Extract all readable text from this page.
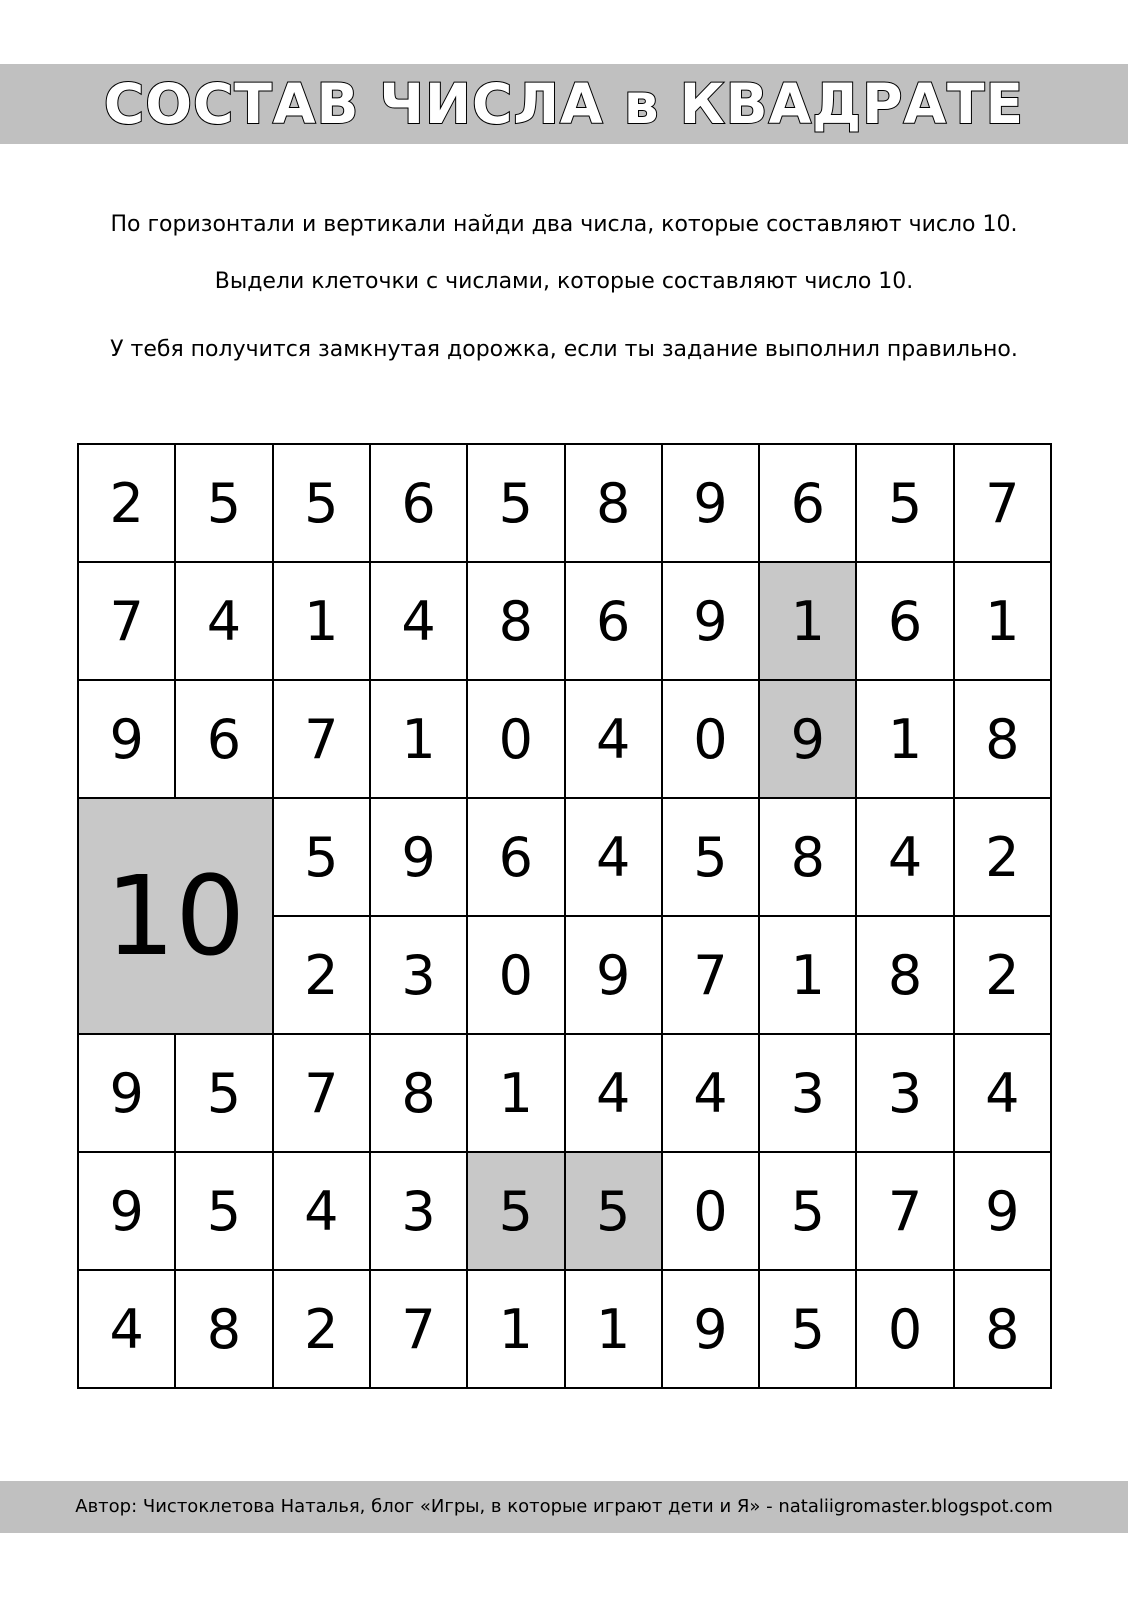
СОСТАВ ЧИСЛА в КВАДРАТЕ
По горизонтали и вертикали найди два числа, которые составляют число 10.
Выдели клеточки с числами, которые составляют число 10.
У тебя получится замкнутая дорожка, если ты задание выполнил правильно.
10
2	5	5	6	5	8	9	6	5	7
7	4	1	4	8	6	9	1	6	1
9	6	7	1	0	4	0	9	1	8
5	9	6	4	5	8	4	2
2	3	0	9	7	1	8	2
9	5	7	8	1	4	4	3	3	4
9	5	4	3	5	5	0	5	7	9
4	8	2	7	1	1	9	5	0	8
Автор: Чистоклетова Наталья, блог «Игры, в которые играют дети и Я» - nataliigromaster.blogspot.com
